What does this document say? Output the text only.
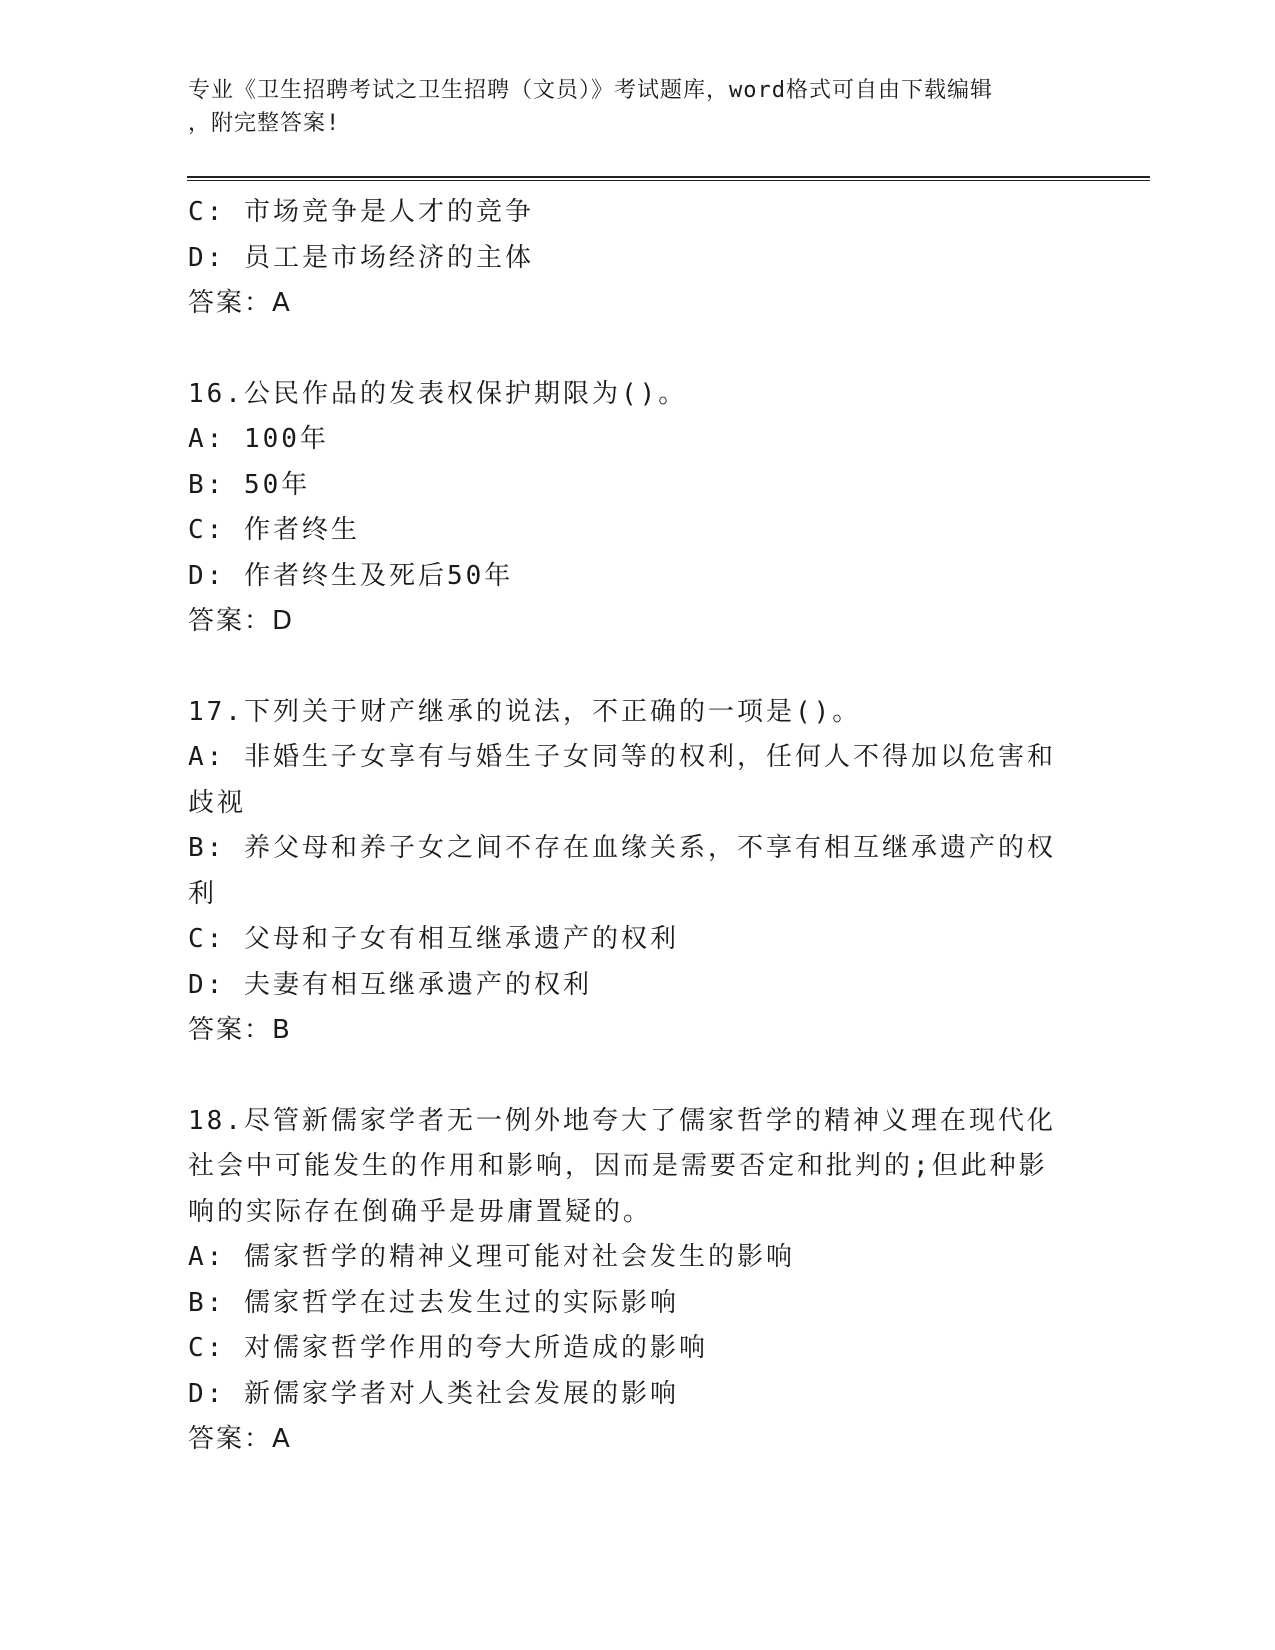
专业《卫生招聘考试之卫生招聘（文员）》考试题库，word格式可自由下载编辑
，附完整答案!
C: 市场竞争是人才的竞争
D: 员工是市场经济的主体
答案：A
16.公民作品的发表权保护期限为()。
A: 100年
B: 50年
C: 作者终生
D: 作者终生及死后50年
答案：D
17.下列关于财产继承的说法，不正确的一项是()。
A: 非婚生子女享有与婚生子女同等的权利，任何人不得加以危害和歧视
B: 养父母和养子女之间不存在血缘关系，不享有相互继承遗产的权利
C: 父母和子女有相互继承遗产的权利
D: 夫妻有相互继承遗产的权利
答案：B
18.尽管新儒家学者无一例外地夸大了儒家哲学的精神义理在现代化社会中可能发生的作用和影响，因而是需要否定和批判的;但此种影响的实际存在倒确乎是毋庸置疑的。
A: 儒家哲学的精神义理可能对社会发生的影响
B: 儒家哲学在过去发生过的实际影响
C: 对儒家哲学作用的夸大所造成的影响
D: 新儒家学者对人类社会发展的影响
答案：A
